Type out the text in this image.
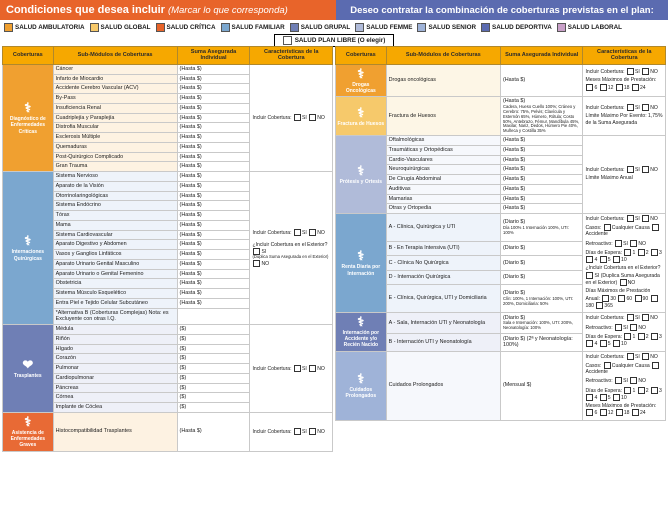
Condiciones que desea incluir (Marcar lo que corresponda)	Deseo contratar la combinación de coberturas previstas en el plan:
SALUD AMBULATORIA	SALUD GLOBAL	SALUD CRÍTICA	SALUD FAMILIAR	SALUD GRUPAL	SALUD FEMME	SALUD SENIOR	SALUD DEPORTIVA	SALUD LABORAL
SALUD PLAN LIBRE (O elegir)
Coberturas	Sub-Módulos de Coberturas	Suma Asegurada Individual	Características de la Cobertura

⚕
Diagnóstico de Enfermedades Críticas	Cáncer	(Hasta $)	Incluir Cobertura: SI NO

	Infarto de Miocardio	(Hasta $)	
	Accidente Cerebro Vascular (ACV)	(Hasta $)	
	By-Pass	(Hasta $)	
	Insuficiencia Renal	(Hasta $)	
	Cuadriplejía y Paraplejía	(Hasta $)	
	Distrofia Muscular	(Hasta $)	
	Esclerosis Múltiple	(Hasta $)	
	Quemaduras	(Hasta $)	
	Post-Quirúrgico Complicado	(Hasta $)	
	Gran Trauma	(Hasta $)	

⚕
Internaciones Quirúrgicas	Sistema Nervioso	(Hasta $)	
Incluir Cobertura: SI NO
¿Incluir Cobertura en el Exterior?
SI
(Duplica Suma Asegurada en el Exterior)
NO

	Aparato de la Visión	(Hasta $)	
	Otorrinolaringológicas	(Hasta $)	
	Sistema Endócrino	(Hasta $)	
	Tórax	(Hasta $)	
	Mama	(Hasta $)	
	Sistema Cardiovascular	(Hasta $)	
	Aparato Digestivo y Abdomen	(Hasta $)	
	Vasos y Ganglios Linfáticos	(Hasta $)	
	Aparato Urinario Genital Masculino	(Hasta $)	
	Aparato Urinario o Genital Femenino	(Hasta $)	
	Obstetricia	(Hasta $)	
	Sistema Músculo Esquelético	(Hasta $)	
	Entra Piel e Tejido Celular Subcutáneo	(Hasta $)	
	*Alternativa B (Coberturas Complejas) Nota: es Excluyente con otras I.Q.		

❤
Trasplantes	Médula	($)	Incluir Cobertura: SI NO

	Riñón	($)	
	Hígado	($)	
	Corazón	($)	
	Pulmonar	($)	
	Cardiopulmonar	($)	
	Páncreas	($)	
	Córnea	($)	
	Implante de Cóclea	($)	

⚕
Asistencia de Enfermedades Graves	Histocompatibilidad Trasplantes	(Hasta $)	Incluir Cobertura: SI NO
Coberturas	Sub-Módulos de Coberturas	Suma Asegurada Individual	Características de la Cobertura

⚕
Drogas Oncológicas	Drogas oncológicas	(Hasta $)	
Incluir Cobertura: SI NO
Meses Máximos de Prestación: 6 12 18 24

⚕
Fractura de Huesos	Fractura de Huesos	(Hasta $)
Cadera, Hueso Cuello 100%; Cráneo y Cerebro: 75%, Pelvis; Clavícula y Esternón 65%, Húmero, Rótula; Costo 50%, Antebrazo, Fémur, Mandíbula 45%, Maxilar, Nariz, Dedos, Húmero Pie 40%, Muñeca y Costilla 35%

Incluir Cobertura: SI NO
Límite Máximo Por Evento: 1,75% de la Suma Asegurada

⚕
Prótesis y Ortesis	Oftalmológicas	(Hasta $)	
Incluir Cobertura: SI NO
Límite Máximo Anual

	Traumáticas y Ortopédicas	(Hasta $)	
	Cardio-Vasculares	(Hasta $)	
	Neuroquirúrgicas	(Hasta $)	
	De Cirugía Abdominal	(Hasta $)	
	Auditivas	(Hasta $)	
	Mamarias	(Hasta $)	
	Otras y Ortopedia	(Hasta $)	

⚕
Renta Diaria por Internación	A - Clínica, Quirúrgica y UTI	(Diario $)
Día 100% 1 Internación 100%, UTI: 100%

Incluir Cobertura: SI NO
Casos: Cualquier Causa Accidente
Retroactivo: SI NO
Días de Espera: 1 2 3 4 5 10
¿Incluir Cobertura en el Exterior? SI (Duplica Suma Asegurada en el Exterior) NO
Días Máximos de Prestación Anual: 30 60 90 180 365

	B - En Terapia Intensiva (UTI)	(Diario $)	
	C - Clínica No Quirúrgica	(Diario $)	
	D - Internación Quirúrgica	(Diario $)	
	E - Clínica, Quirúrgica, UTI y Domiciliaria	(Diario $)
Clín: 100%, 1 Internación: 100%, UTI: 200%, Domiciliaria: 50%	

⚕
Internación por Accidente y/o Recién Nacido	A - Sala, Internación UTI y Neonatología	(Diario $)
Sala e Internación: 100%, UTI: 200%, Neonatología: 100%

Incluir Cobertura: SI NO
Retroactivo: SI NO
Días de Espera: 1 2 3 4 5 10

	B - Internación UTI y Neonatología	(Diario $) (2ª y Neonatología: 100%)	

⚕
Cuidados Prolongados	Cuidados Prolongados	(Mensual $)	
Incluir Cobertura: SI NO
Casos: Cualquier Causa Accidente
Retroactivo: SI NO
Días de Espera: 1 2 3 4 5 10
Meses Máximos de Prestación: 6 12 18 24
